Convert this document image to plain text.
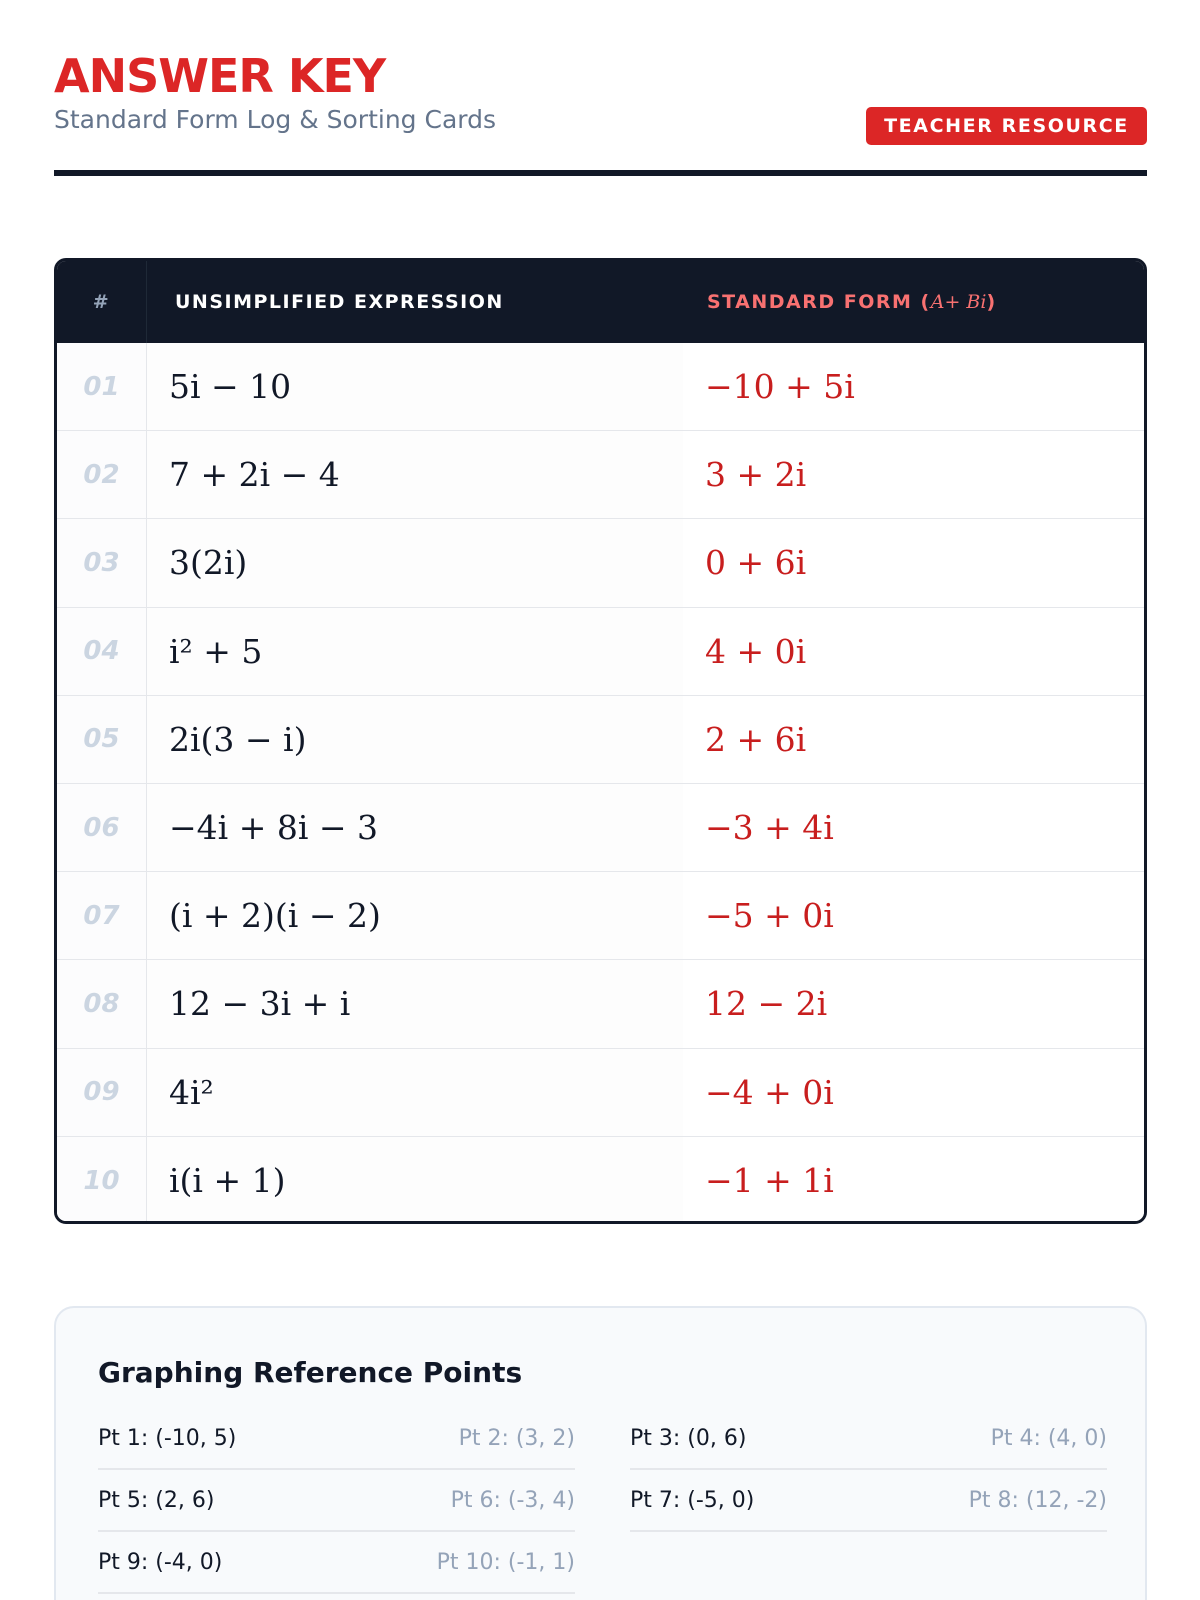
ANSWER KEY
Standard Form Log & Sorting Cards	TEACHER RESOURCE
#	UNSIMPLIFIED EXPRESSION	STANDARD FORM (A+ Bi)
01	5i − 10	−10 + 5i
02	7 + 2i − 4	3 + 2i
03	3(2i)	0 + 6i
04	i² + 5	4 + 0i
05	2i(3 − i)	2 + 6i
06	−4i + 8i − 3	−3 + 4i
07	(i + 2)(i − 2)	−5 + 0i
08	12 − 3i + i	12 − 2i
09	4i²	−4 + 0i
10	i(i + 1)	−1 + 1i
Graphing Reference Points
Pt 1: (-10, 5)	Pt 2: (3, 2)	Pt 3: (0, 6)	Pt 4: (4, 0)
Pt 5: (2, 6)	Pt 6: (-3, 4)	Pt 7: (-5, 0)	Pt 8: (12, -2)
Pt 9: (-4, 0)	Pt 10: (-1, 1)
